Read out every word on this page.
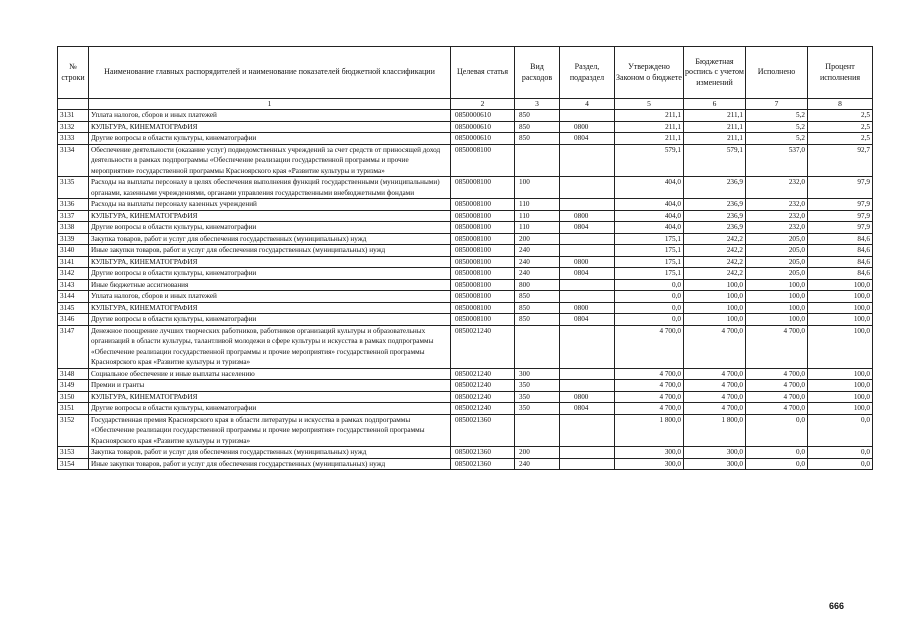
№ строки	Наименование главных распорядителей и наименование показателей бюджетной классификации	Целевая статья	Вид расходов	Раздел, подраздел	Утверждено Законом о бюджете	Бюджетная роспись с учетом изменений	Исполнено	Процент исполнения
	1	2	3	4	5	6	7	8
3131	Уплата налогов, сборов и иных платежей	0850000610	850		211,1	211,1	5,2	2,5
3132	КУЛЬТУРА, КИНЕМАТОГРАФИЯ	0850000610	850	0800	211,1	211,1	5,2	2,5
3133	Другие вопросы в области культуры, кинематографии	0850000610	850	0804	211,1	211,1	5,2	2,5
3134	Обеспечение деятельности (оказание услуг) подведомственных учреждений за счет средств от приносящей доход деятельности в рамках подпрограммы «Обеспечение реализации государственной программы и прочие мероприятия» государственной программы Красноярского края «Развитие культуры и туризма»	0850008100			579,1	579,1	537,0	92,7
3135	Расходы на выплаты персоналу в целях обеспечения выполнения функций государственными (муниципальными) органами, казенными учреждениями, органами управления государственными внебюджетными фондами	0850008100	100		404,0	236,9	232,0	97,9
3136	Расходы на выплаты персоналу казенных учреждений	0850008100	110		404,0	236,9	232,0	97,9
3137	КУЛЬТУРА, КИНЕМАТОГРАФИЯ	0850008100	110	0800	404,0	236,9	232,0	97,9
3138	Другие вопросы в области культуры, кинематографии	0850008100	110	0804	404,0	236,9	232,0	97,9
3139	Закупка товаров, работ и услуг для обеспечения государственных (муниципальных) нужд	0850008100	200		175,1	242,2	205,0	84,6
3140	Иные закупки товаров, работ и услуг для обеспечения государственных (муниципальных) нужд	0850008100	240		175,1	242,2	205,0	84,6
3141	КУЛЬТУРА, КИНЕМАТОГРАФИЯ	0850008100	240	0800	175,1	242,2	205,0	84,6
3142	Другие вопросы в области культуры, кинематографии	0850008100	240	0804	175,1	242,2	205,0	84,6
3143	Иные бюджетные ассигнования	0850008100	800		0,0	100,0	100,0	100,0
3144	Уплата налогов, сборов и иных платежей	0850008100	850		0,0	100,0	100,0	100,0
3145	КУЛЬТУРА, КИНЕМАТОГРАФИЯ	0850008100	850	0800	0,0	100,0	100,0	100,0
3146	Другие вопросы в области культуры, кинематографии	0850008100	850	0804	0,0	100,0	100,0	100,0
3147	Денежное поощрение лучших творческих работников, работников организаций культуры и образовательных организаций в области культуры, талантливой молодежи в сфере культуры и искусства в рамках подпрограммы «Обеспечение реализации государственной программы и прочие мероприятия» государственной программы Красноярского края «Развитие культуры и туризма»	0850021240			4 700,0	4 700,0	4 700,0	100,0
3148	Социальное обеспечение и иные выплаты населению	0850021240	300		4 700,0	4 700,0	4 700,0	100,0
3149	Премии и гранты	0850021240	350		4 700,0	4 700,0	4 700,0	100,0
3150	КУЛЬТУРА, КИНЕМАТОГРАФИЯ	0850021240	350	0800	4 700,0	4 700,0	4 700,0	100,0
3151	Другие вопросы в области культуры, кинематографии	0850021240	350	0804	4 700,0	4 700,0	4 700,0	100,0
3152	Государственная премия Красноярского края в области литературы и искусства в рамках подпрограммы «Обеспечение реализации государственной программы и прочие мероприятия» государственной программы Красноярского края «Развитие культуры и туризма»	0850021360			1 800,0	1 800,0	0,0	0,0
3153	Закупка товаров, работ и услуг для обеспечения государственных (муниципальных) нужд	0850021360	200		300,0	300,0	0,0	0,0
3154	Иные закупки товаров, работ и услуг для обеспечения государственных (муниципальных) нужд	0850021360	240		300,0	300,0	0,0	0,0
666
